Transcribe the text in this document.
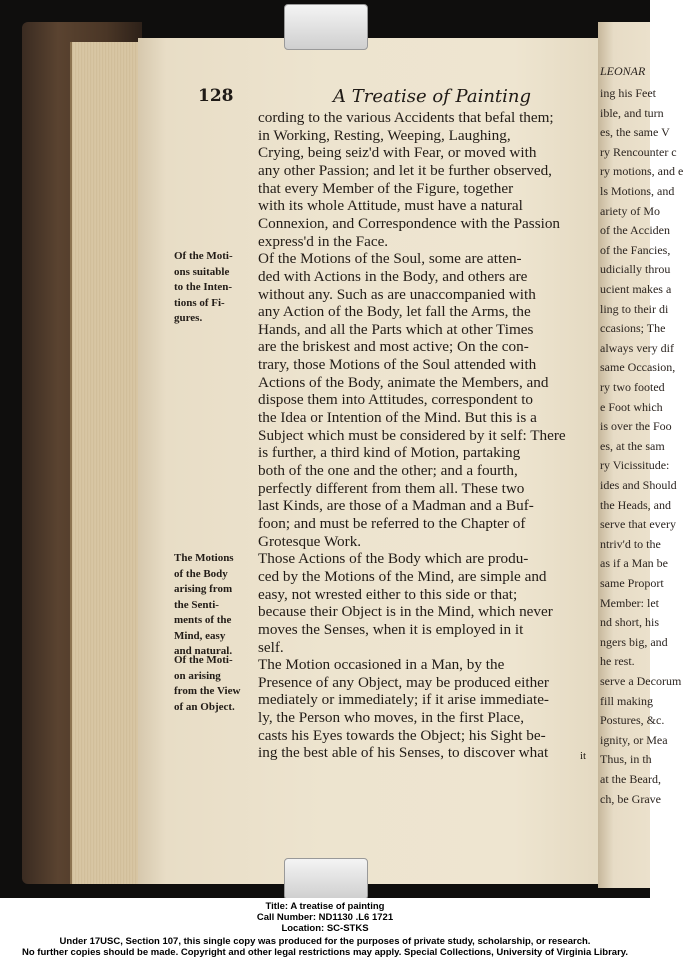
LEONAR
ing his Feet
ible, and turn
es, the same V
ry Rencounter c
ry motions, and e
ls Motions, and
ariety of Mo
of the Acciden
of the Fancies,
udicially throu
ucient makes a
ling to their di
ccasions; The
always very dif
same Occasion,
ry two footed
e Foot which
is over the Foo
es, at the sam
ry Vicissitude:
ides and Should
the Heads, and
serve that every
ntriv'd to the
as if a Man be
same Proport
Member: let
nd short, his
ngers big, and
he rest.
serve a Decorum
fill making
Postures, &c.
ignity, or Mea
Thus, in th
at the Beard,
ch, be Grave
128	A Treatise of Painting
cording to the various Accidents that befal them;
in Working, Resting, Weeping, Laughing,
Crying, being seiz'd with Fear, or moved with
any other Passion; and let it be further observed,
that every Member of the Figure, together
with its whole Attitude, must have a natural
Connexion, and Correspondence with the Passion
express'd in the Face.
Of the Motions of the Soul, some are atten-
ded with Actions in the Body, and others are
without any. Such as are unaccompanied with
any Action of the Body, let fall the Arms, the
Hands, and all the Parts which at other Times
are the briskest and most active; On the con-
trary, those Motions of the Soul attended with
Actions of the Body, animate the Members, and
dispose them into Attitudes, correspondent to
the Idea or Intention of the Mind. But this is a
Subject which must be considered by it self: There
is further, a third kind of Motion, partaking
both of the one and the other; and a fourth,
perfectly different from them all. These two
last Kinds, are those of a Madman and a Buf-
foon; and must be referred to the Chapter of
Grotesque Work.
Those Actions of the Body which are produ-
ced by the Motions of the Mind, are simple and
easy, not wrested either to this side or that;
because their Object is in the Mind, which never
moves the Senses, when it is employed in it
self.
The Motion occasioned in a Man, by the
Presence of any Object, may be produced either
mediately or immediately; if it arise immediate-
ly, the Person who moves, in the first Place,
casts his Eyes towards the Object; his Sight be-
ing the best able of his Senses, to discover what
Of the Moti-
ons suitable
to the Inten-
tions of Fi-
gures.
The Motions
of the Body
arising from
the Senti-
ments of the
Mind, easy
and natural.
Of the Moti-
on arising
from the View
of an Object.
it
Title: A treatise of painting
Call Number: ND1130 .L6 1721
Location: SC-STKS
Under 17USC, Section 107, this single copy was produced for the purposes of private study, scholarship, or research.
No further copies should be made. Copyright and other legal restrictions may apply. Special Collections, University of Virginia Library.
